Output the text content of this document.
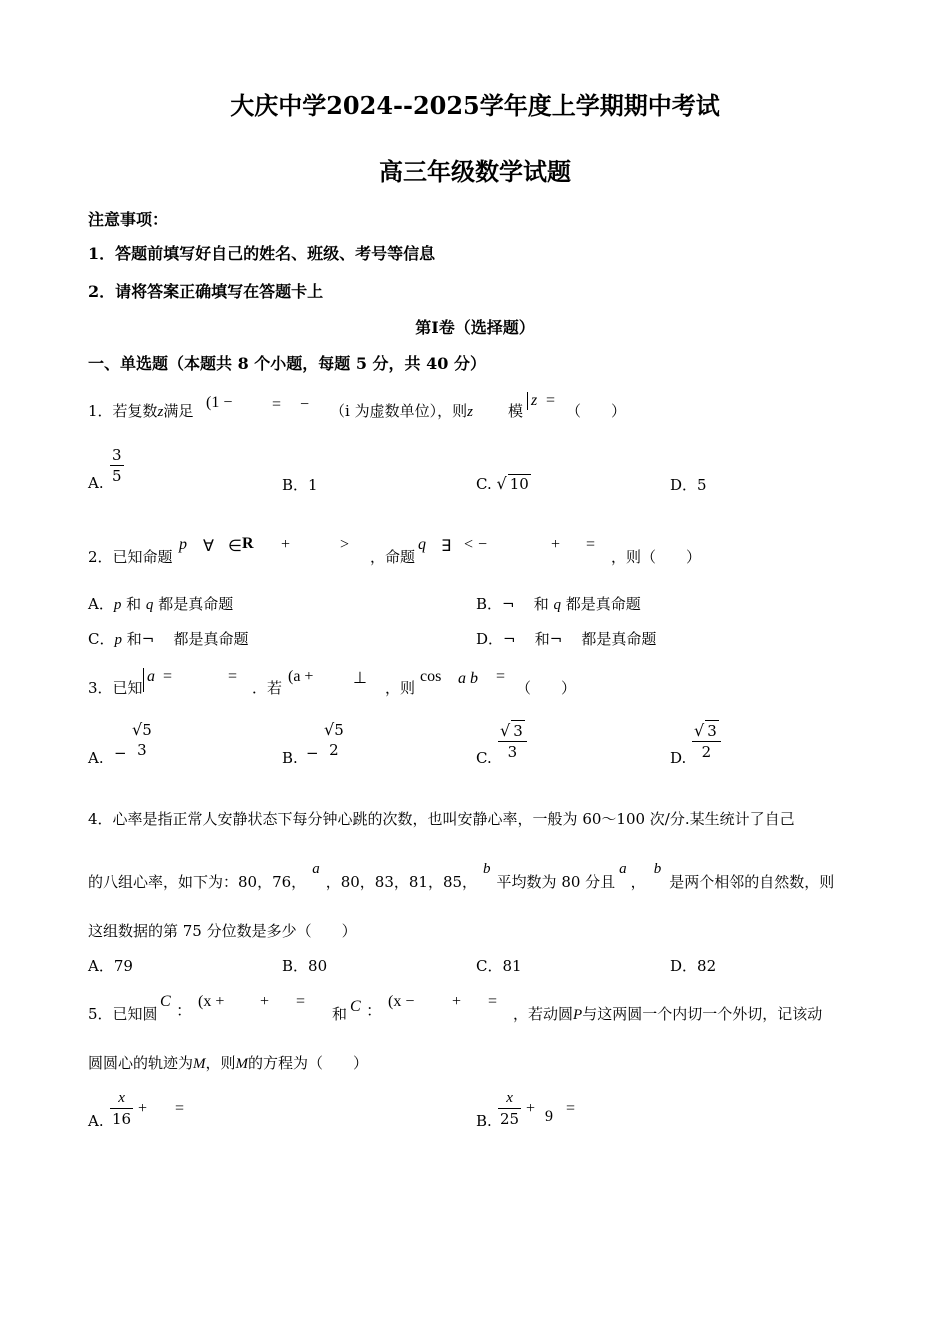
大庆中学2024--2025学年度上学期期中考试
高三年级数学试题
注意事项：
1．答题前填写好自己的姓名、班级、考号等信息
2．请将答案正确填写在答题卡上
第Ⅰ卷（选择题）
一、单选题（本题共 8 个小题，每题 5 分，共 40 分）
1．若复数z满足 (1 − = − （i 为虚数单位），则z 模
z =
（　　）
A. $\frac{3}{5}$	B．1	C. √ 10	D．5
2．已知命题
p ∀ ∈ R +	>
，命题
q ∃ < −	+ =
，则（　　）
A．p 和 q 都是真命题	B．¬ 和 q 都是真命题
C．p 和¬ 都是真命题	D．¬ 和¬ 都是真命题
3．已知
a =	=
．若
(a + ⊥
，则
cos a b =
（　　）
A. −
√5
3	B. −
√5
2	C. $\frac{√ 3}{3}$	D. $\frac{√ 3}{2}$
4．心率是指正常人安静状态下每分钟心跳的次数，也叫安静心率，一般为 60～100 次/分.某生统计了自己
的八组心率，如下为：80，76，a，80，83，81，85，b平均数为 80 分且a，b是两个相邻的自然数，则
这组数据的第 75 分位数是多少（　　）
A．79	B．80	C．81	D．82
5．已知圆
C
：
(x + + =
和 C ：
(x − + =
，若动圆P与这两圆一个内切一个外切，记该动
圆圆心的轨迹为M，则M的方程为（　　）
A. $\frac{x}{16}$ + =
B. $\frac{x}{25} + 9$ =
